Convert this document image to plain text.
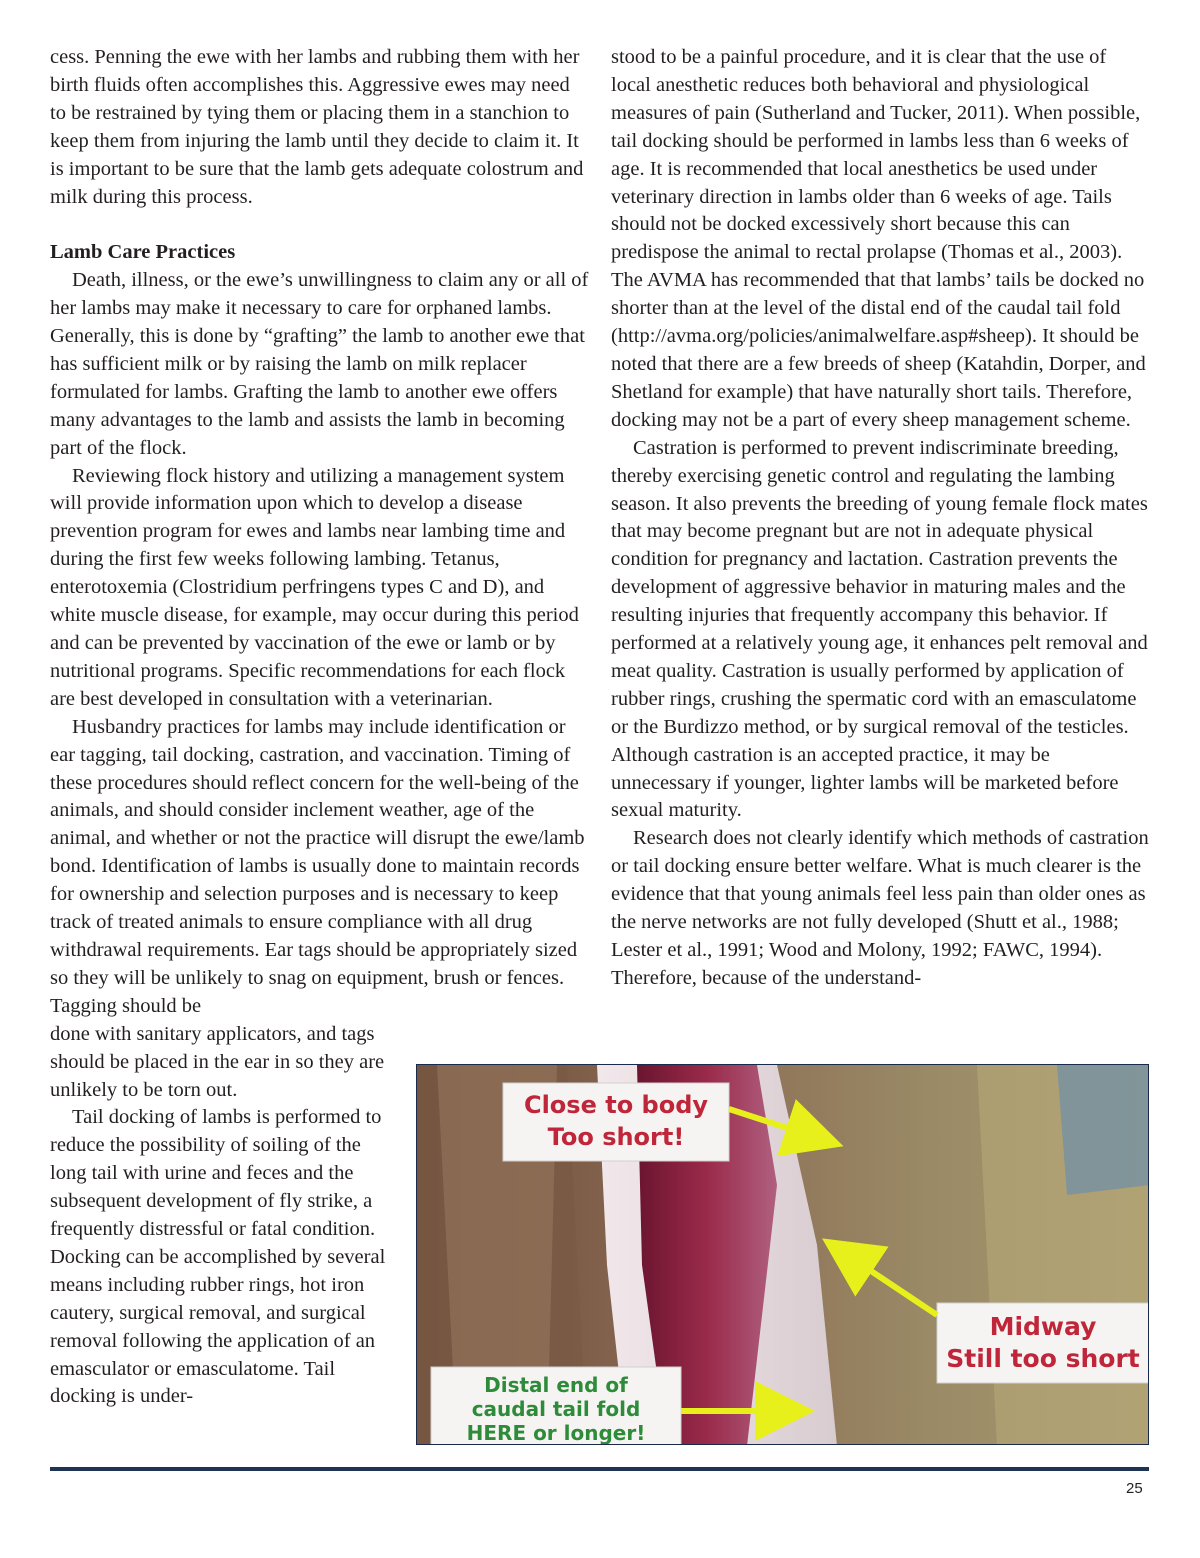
cess. Penning the ewe with her lambs and rubbing them with her birth fluids often accomplishes this. Aggressive ewes may need to be restrained by tying them or placing them in a stanchion to keep them from injuring the lamb until they decide to claim it. It is important to be sure that the lamb gets adequate colostrum and milk during this process.

Lamb Care Practices

Death, illness, or the ewe’s unwillingness to claim any or all of her lambs may make it necessary to care for orphaned lambs. Generally, this is done by “grafting” the lamb to another ewe that has sufficient milk or by raising the lamb on milk replacer formulated for lambs. Grafting the lamb to another ewe offers many advantages to the lamb and assists the lamb in becoming part of the flock.

Reviewing flock history and utilizing a management system will provide information upon which to develop a disease prevention program for ewes and lambs near lambing time and during the first few weeks following lambing. Tetanus, enterotoxemia (Clostridium perfringens types C and D), and white muscle disease, for example, may occur during this period and can be prevented by vaccination of the ewe or lamb or by nutritional programs. Specific recommendations for each flock are best developed in consultation with a veterinarian.

Husbandry practices for lambs may include identification or ear tagging, tail docking, castration, and vaccination. Timing of these procedures should reflect concern for the well-being of the animals, and should consider inclement weather, age of the animal, and whether or not the practice will disrupt the ewe/lamb bond. Identification of lambs is usually done to maintain records for ownership and selection purposes and is necessary to keep track of treated animals to ensure compliance with all drug withdrawal requirements. Ear tags should be appropriately sized so they will be unlikely to snag on equipment, brush or fences. Tagging should be

done with sanitary applicators, and tags should be placed in the ear in so they are unlikely to be torn out.

Tail docking of lambs is performed to reduce the possibility of soiling of the long tail with urine and feces and the subsequent development of fly strike, a frequently distressful or fatal condition. Docking can be accomplished by several means including rubber rings, hot iron cautery, surgical removal, and surgical removal following the application of an emasculator or emasculatome. Tail docking is under-

stood to be a painful procedure, and it is clear that the use of local anesthetic reduces both behavioral and physiological measures of pain (Sutherland and Tucker, 2011). When possible, tail docking should be performed in lambs less than 6 weeks of age. It is recommended that local anesthetics be used under veterinary direction in lambs older than 6 weeks of age. Tails should not be docked excessively short because this can predispose the animal to rectal prolapse (Thomas et al., 2003). The AVMA has recommended that that lambs’ tails be docked no shorter than at the level of the distal end of the caudal tail fold (http://avma.org/policies/animalwelfare.asp#sheep). It should be noted that there are a few breeds of sheep (Katahdin, Dorper, and Shetland for example) that have naturally short tails. Therefore, docking may not be a part of every sheep management scheme.

Castration is performed to prevent indiscriminate breeding, thereby exercising genetic control and regulating the lambing season. It also prevents the breeding of young female flock mates that may become pregnant but are not in adequate physical condition for pregnancy and lactation. Castration prevents the development of aggressive behavior in maturing males and the resulting injuries that frequently accompany this behavior. If performed at a relatively young age, it enhances pelt removal and meat quality. Castration is usually performed by application of rubber rings, crushing the spermatic cord with an emasculatome or the Burdizzo method, or by surgical removal of the testicles. Although castration is an accepted practice, it may be unnecessary if younger, lighter lambs will be marketed before sexual maturity.

Research does not clearly identify which methods of castration or tail docking ensure better welfare. What is much clearer is the evidence that that young animals feel less pain than older ones as the nerve networks are not fully developed (Shutt et al., 1988; Lester et al., 1991; Wood and Molony, 1992; FAWC, 1994). Therefore, because of the understand-

Close to body
Too short!
Midway
Still too short
Distal end of
caudal tail fold
HERE or longer!
25
